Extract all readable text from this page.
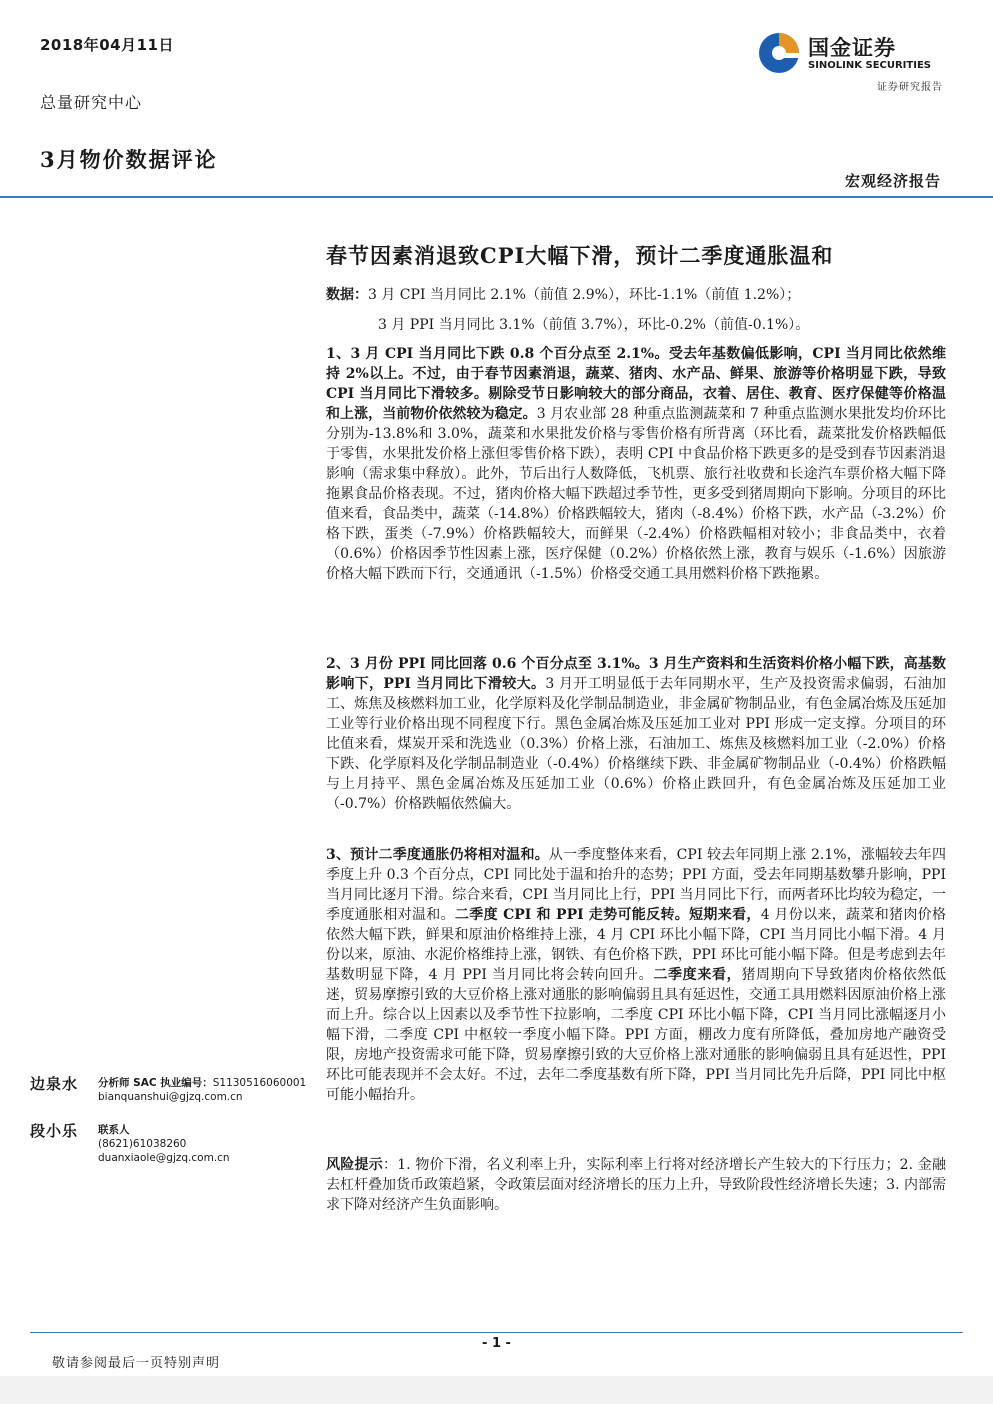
2018年04月11日
总量研究中心
3月物价数据评论
国金证券
SINOLINK SECURITIES
证券研究报告
宏观经济报告
春节因素消退致CPI大幅下滑，预计二季度通胀温和
数据：3 月 CPI 当月同比 2.1%（前值 2.9%），环比-1.1%（前值 1.2%）；
3 月 PPI 当月同比 3.1%（前值 3.7%），环比-0.2%（前值-0.1%）。

1、3 月 CPI 当月同比下跌 0.8 个百分点至 2.1%。受去年基数偏低影响，CPI 当月同比依然维持 2%以上。不过，由于春节因素消退，蔬菜、猪肉、水产品、鲜果、旅游等价格明显下跌，导致 CPI 当月同比下滑较多。剔除受节日影响较大的部分商品，衣着、居住、教育、医疗保健等价格温和上涨，当前物价依然较为稳定。3 月农业部 28 种重点监测蔬菜和 7 种重点监测水果批发均价环比分别为-13.8%和 3.0%，蔬菜和水果批发价格与零售价格有所背离（环比看，蔬菜批发价格跌幅低于零售，水果批发价格上涨但零售价格下跌），表明 CPI 中食品价格下跌更多的是受到春节因素消退影响（需求集中释放）。此外，节后出行人数降低，飞机票、旅行社收费和长途汽车票价格大幅下降拖累食品价格表现。不过，猪肉价格大幅下跌超过季节性，更多受到猪周期向下影响。分项目的环比值来看，食品类中，蔬菜（-14.8%）价格跌幅较大，猪肉（-8.4%）价格下跌，水产品（-3.2%）价格下跌，蛋类（-7.9%）价格跌幅较大，而鲜果（-2.4%）价格跌幅相对较小；非食品类中，衣着（0.6%）价格因季节性因素上涨，医疗保健（0.2%）价格依然上涨，教育与娱乐（-1.6%）因旅游价格大幅下跌而下行，交通通讯（-1.5%）价格受交通工具用燃料价格下跌拖累。

2、3 月份 PPI 同比回落 0.6 个百分点至 3.1%。3 月生产资料和生活资料价格小幅下跌，高基数影响下，PPI 当月同比下滑较大。3 月开工明显低于去年同期水平，生产及投资需求偏弱，石油加工、炼焦及核燃料加工业，化学原料及化学制品制造业，非金属矿物制品业，有色金属冶炼及压延加工业等行业价格出现不同程度下行。黑色金属冶炼及压延加工业对 PPI 形成一定支撑。分项目的环比值来看，煤炭开采和洗选业（0.3%）价格上涨，石油加工、炼焦及核燃料加工业（-2.0%）价格下跌、化学原料及化学制品制造业（-0.4%）价格继续下跌、非金属矿物制品业（-0.4%）价格跌幅与上月持平、黑色金属冶炼及压延加工业（0.6%）价格止跌回升，有色金属冶炼及压延加工业（-0.7%）价格跌幅依然偏大。

3、预计二季度通胀仍将相对温和。从一季度整体来看，CPI 较去年同期上涨 2.1%，涨幅较去年四季度上升 0.3 个百分点，CPI 同比处于温和抬升的态势；PPI 方面，受去年同期基数攀升影响，PPI 当月同比逐月下滑。综合来看，CPI 当月同比上行，PPI 当月同比下行，而两者环比均较为稳定，一季度通胀相对温和。二季度 CPI 和 PPI 走势可能反转。短期来看，4 月份以来，蔬菜和猪肉价格依然大幅下跌，鲜果和原油价格维持上涨，4 月 CPI 环比小幅下降，CPI 当月同比小幅下滑。4 月份以来，原油、水泥价格维持上涨，钢铁、有色价格下跌，PPI 环比可能小幅下降。但是考虑到去年基数明显下降，4 月 PPI 当月同比将会转向回升。二季度来看，猪周期向下导致猪肉价格依然低迷，贸易摩擦引致的大豆价格上涨对通胀的影响偏弱且具有延迟性，交通工具用燃料因原油价格上涨而上升。综合以上因素以及季节性下拉影响，二季度 CPI 环比小幅下降，CPI 当月同比涨幅逐月小幅下滑，二季度 CPI 中枢较一季度小幅下降。PPI 方面，棚改力度有所降低，叠加房地产融资受限，房地产投资需求可能下降，贸易摩擦引致的大豆价格上涨对通胀的影响偏弱且具有延迟性，PPI 环比可能表现并不会太好。不过，去年二季度基数有所下降，PPI 当月同比先升后降，PPI 同比中枢可能小幅抬升。

风险提示：1. 物价下滑，名义利率上升，实际利率上行将对经济增长产生较大的下行压力；2. 金融去杠杆叠加货币政策趋紧，令政策层面对经济增长的压力上升，导致阶段性经济增长失速；3. 内部需求下降对经济产生负面影响。

边泉水 分析师 SAC 执业编号：S1130516060001
bianquanshui@gjzq.com.cn
段小乐 联系人
(8621)61038260
duanxiaole@gjzq.com.cn
- 1 -
敬请参阅最后一页特别声明
